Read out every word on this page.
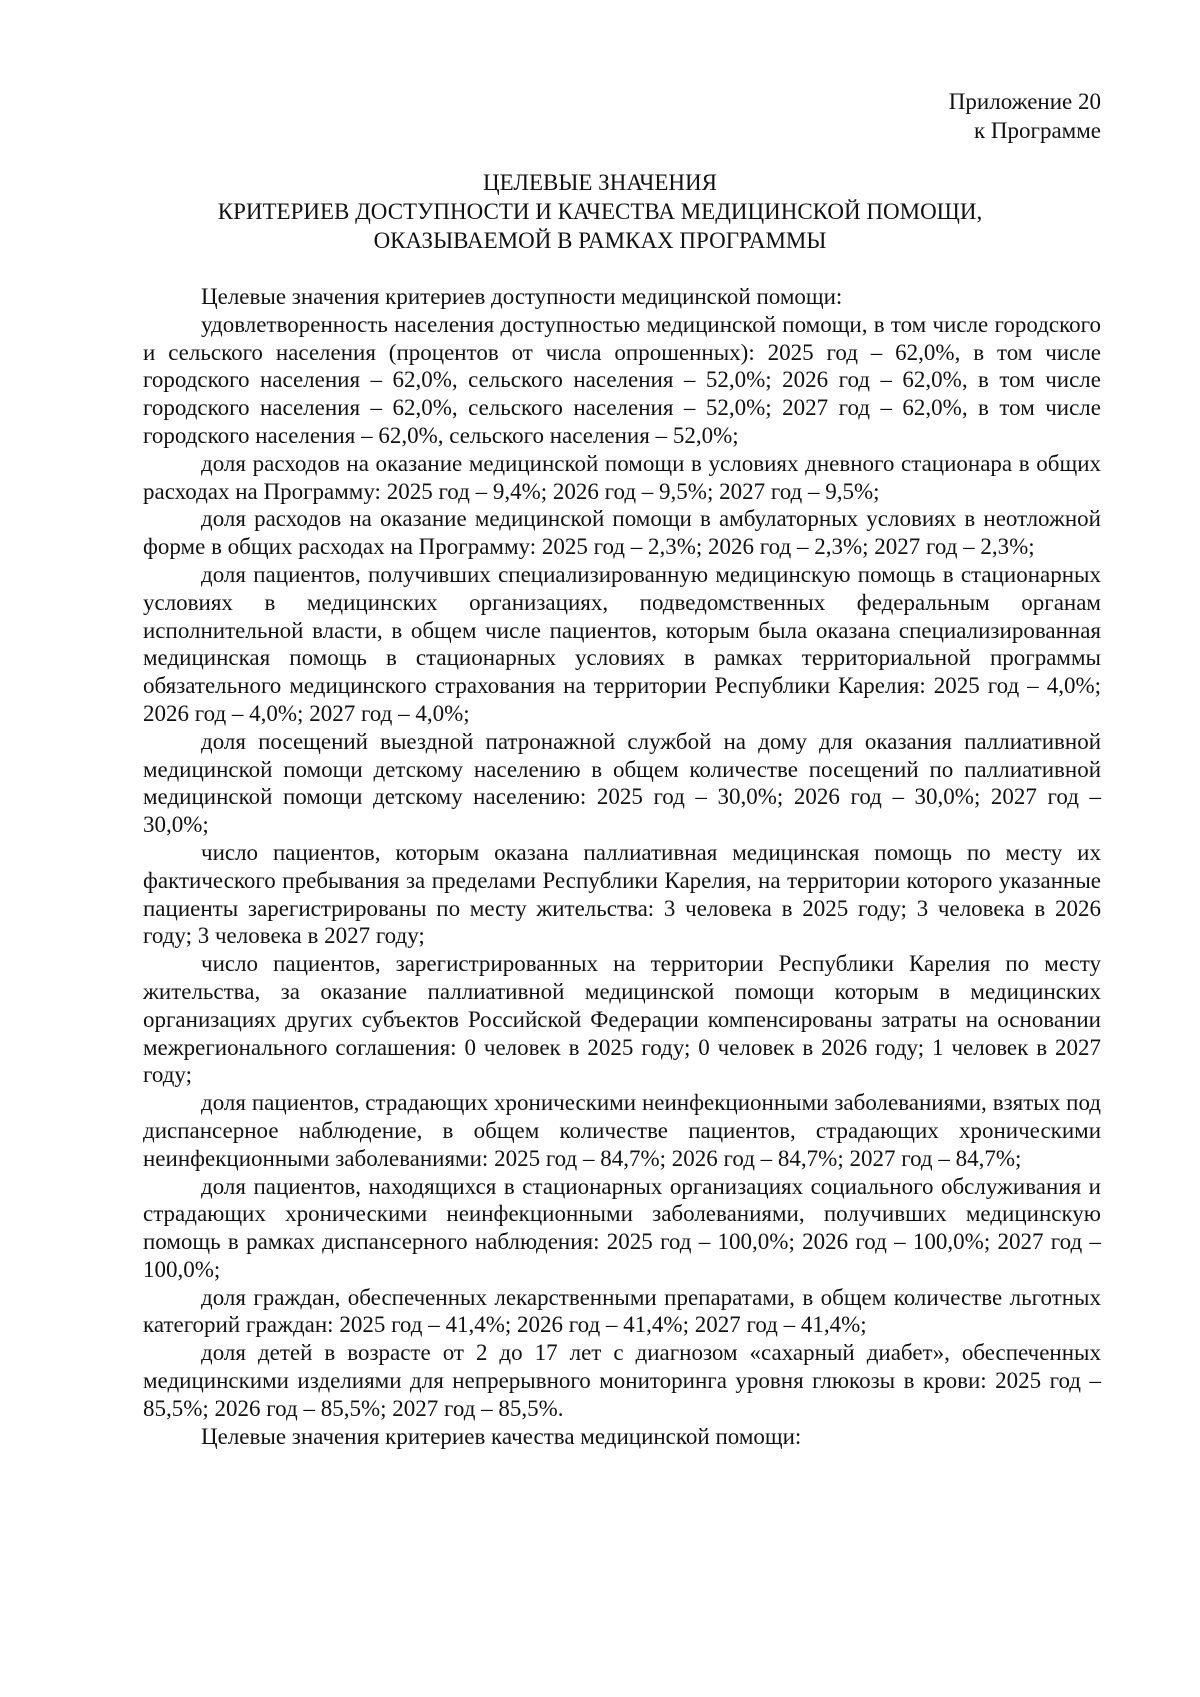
Приложение 20
к Программе
ЦЕЛЕВЫЕ ЗНАЧЕНИЯ
КРИТЕРИЕВ ДОСТУПНОСТИ И КАЧЕСТВА МЕДИЦИНСКОЙ ПОМОЩИ,
ОКАЗЫВАЕМОЙ В РАМКАХ ПРОГРАММЫ

Целевые значения критериев доступности медицинской помощи:

удовлетворенность населения доступностью медицинской помощи, в том числе городского и сельского населения (процентов от числа опрошенных): 2025 год – 62,0%, в том числе городского населения – 62,0%, сельского населения – 52,0%; 2026 год – 62,0%, в том числе городского населения – 62,0%, сельского населения – 52,0%; 2027 год – 62,0%, в том числе городского населения – 62,0%, сельского населения – 52,0%;

доля расходов на оказание медицинской помощи в условиях дневного стационара в общих расходах на Программу: 2025 год – 9,4%; 2026 год – 9,5%; 2027 год – 9,5%;

доля расходов на оказание медицинской помощи в амбулаторных условиях в неотложной форме в общих расходах на Программу: 2025 год – 2,3%; 2026 год – 2,3%; 2027 год – 2,3%;

доля пациентов, получивших специализированную медицинскую помощь в стационарных условиях в медицинских организациях, подведомственных федеральным органам исполнительной власти, в общем числе пациентов, которым была оказана специализированная медицинская помощь в стационарных условиях в рамках территориальной программы обязательного медицинского страхования на территории Республики Карелия: 2025 год – 4,0%; 2026 год – 4,0%; 2027 год – 4,0%;

доля посещений выездной патронажной службой на дому для оказания паллиативной медицинской помощи детскому населению в общем количестве посещений по паллиативной медицинской помощи детскому населению: 2025 год – 30,0%; 2026 год – 30,0%; 2027 год – 30,0%;

число пациентов, которым оказана паллиативная медицинская помощь по месту их фактического пребывания за пределами Республики Карелия, на территории которого указанные пациенты зарегистрированы по месту жительства: 3 человека в 2025 году; 3 человека в 2026 году; 3 человека в 2027 году;

число пациентов, зарегистрированных на территории Республики Карелия по месту жительства, за оказание паллиативной медицинской помощи которым в медицинских организациях других субъектов Российской Федерации компенсированы затраты на основании межрегионального соглашения: 0 человек в 2025 году; 0 человек в 2026 году; 1 человек в 2027 году;

доля пациентов, страдающих хроническими неинфекционными заболеваниями, взятых под диспансерное наблюдение, в общем количестве пациентов, страдающих хроническими неинфекционными заболеваниями: 2025 год – 84,7%; 2026 год – 84,7%; 2027 год – 84,7%;

доля пациентов, находящихся в стационарных организациях социального обслуживания и страдающих хроническими неинфекционными заболеваниями, получивших медицинскую помощь в рамках диспансерного наблюдения: 2025 год – 100,0%; 2026 год – 100,0%; 2027 год – 100,0%;

доля граждан, обеспеченных лекарственными препаратами, в общем количестве льготных категорий граждан: 2025 год – 41,4%; 2026 год – 41,4%; 2027 год – 41,4%;

доля детей в возрасте от 2 до 17 лет с диагнозом «сахарный диабет», обеспеченных медицинскими изделиями для непрерывного мониторинга уровня глюкозы в крови: 2025 год – 85,5%; 2026 год – 85,5%; 2027 год – 85,5%.

Целевые значения критериев качества медицинской помощи:
